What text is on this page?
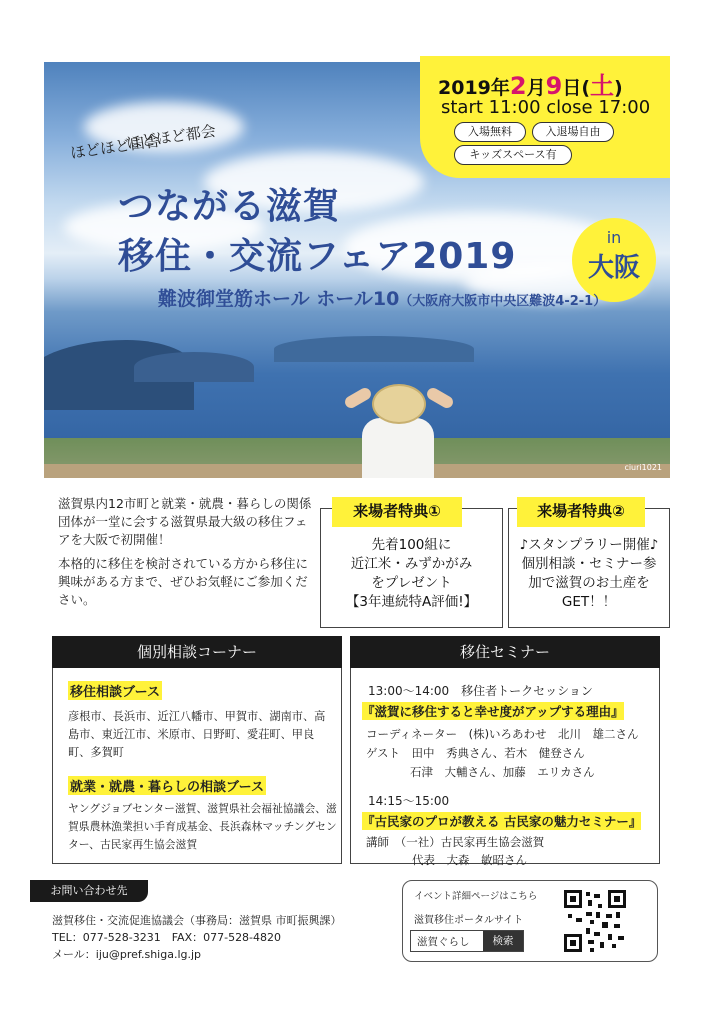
ciuri1021
2019年2月9日(土)
start 11:00 close 17:00
入場無料	入退場自由
キッズスペース有
ほどほど田舎
ほどほど都会
つながる滋賀
移住・交流フェア2019	in
大阪
難波御堂筋ホール ホール10（大阪府大阪市中央区難波4-2-1）
滋賀県内12市町と就業・就農・暮らしの関係団体が一堂に会する滋賀県最大級の移住フェアを大阪で初開催！
本格的に移住を検討されている方から移住に興味がある方まで、ぜひお気軽にご参加ください。
来場者特典①
先着100組に
近江米・みずかがみ
をプレゼント
【3年連続特A評価!】
来場者特典②
♪スタンプラリー開催♪
個別相談・セミナー参
加で滋賀のお土産を
GET！！
個別相談コーナー
移住相談ブース
彦根市、長浜市、近江八幡市、甲賀市、湖南市、高島市、東近江市、米原市、日野町、愛荘町、甲良町、多賀町
就業・就農・暮らしの相談ブース
ヤングジョブセンター滋賀、滋賀県社会福祉協議会、滋賀県農林漁業担い手育成基金、長浜森林マッチングセンター、古民家再生協会滋賀
移住セミナー
13:00～14:00　移住者トークセッション
『滋賀に移住すると幸せ度がアップする理由』
コーディネーター　(株)いろあわせ　北川　雄二さん
ゲスト　田中　秀典さん、若木　健登さん
石津　大輔さん、加藤　エリカさん
14:15～15:00
『古民家のプロが教える 古民家の魅力セミナー』
講師　（一社）古民家再生協会滋賀
代表　大森　敏昭さん
お問い合わせ先
滋賀移住・交流促進協議会（事務局：滋賀県 市町振興課）
TEL：077-528-3231　FAX：077-528-4820
メール：iju@pref.shiga.lg.jp
イベント詳細ページはこちら
滋賀移住ポータルサイト
滋賀ぐらし	検索
